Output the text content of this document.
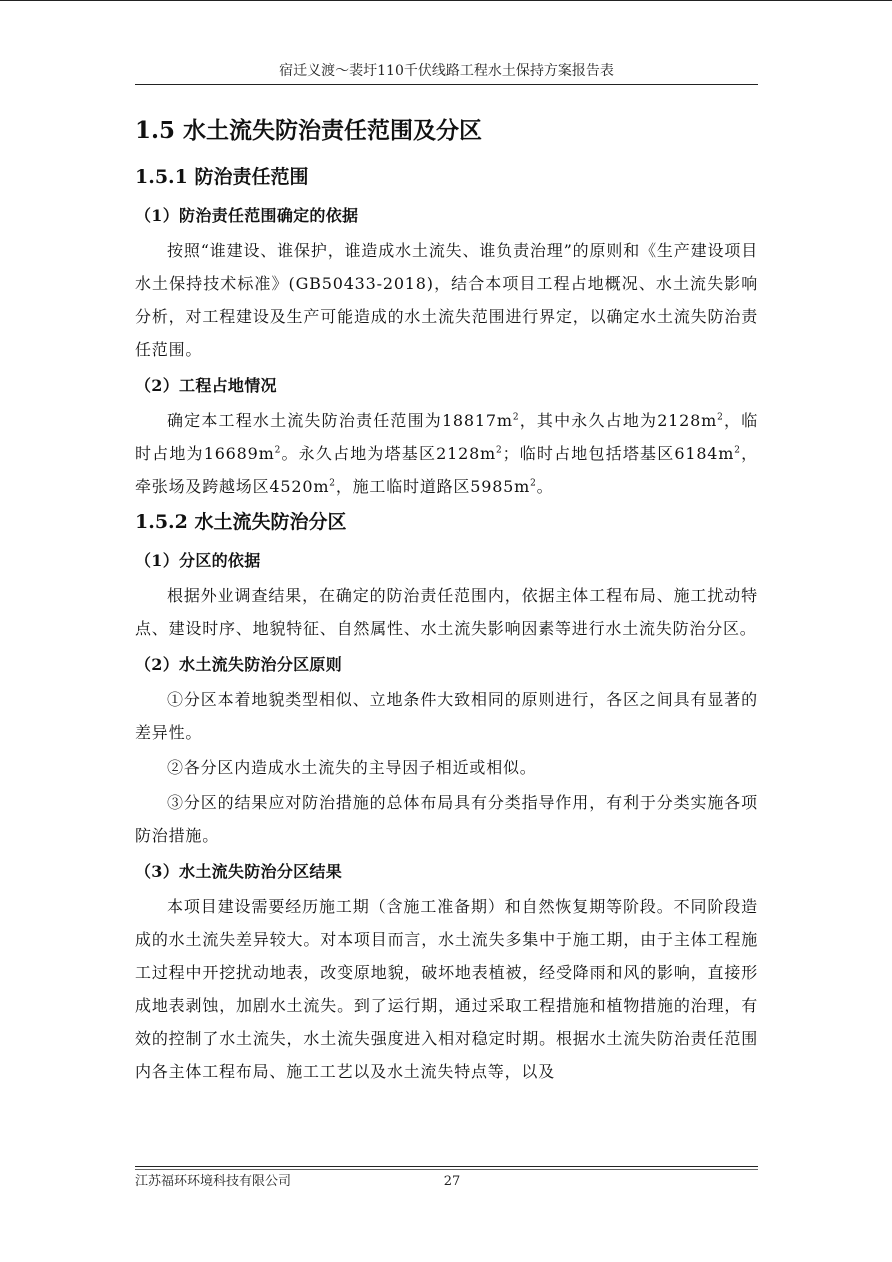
宿迁义渡～裴圩110千伏线路工程水土保持方案报告表
1.5 水土流失防治责任范围及分区
1.5.1 防治责任范围
（1）防治责任范围确定的依据

按照“谁建设、谁保护，谁造成水土流失、谁负责治理”的原则和《生产建设项目水土保持技术标准》(GB50433-2018)，结合本项目工程占地概况、水土流失影响分析，对工程建设及生产可能造成的水土流失范围进行界定，以确定水土流失防治责任范围。

（2）工程占地情况

确定本工程水土流失防治责任范围为$18817m^2$，其中永久占地为$2128m^2$，临时占地为$16689m^2$。永久占地为塔基区$2128m^2$；临时占地包括塔基区$6184m^2$，牵张场及跨越场区$4520m^2$，施工临时道路区$5985m^2$。

1.5.2 水土流失防治分区
（1）分区的依据

根据外业调查结果，在确定的防治责任范围内，依据主体工程布局、施工扰动特点、建设时序、地貌特征、自然属性、水土流失影响因素等进行水土流失防治分区。

（2）水土流失防治分区原则

①分区本着地貌类型相似、立地条件大致相同的原则进行，各区之间具有显著的差异性。

②各分区内造成水土流失的主导因子相近或相似。

③分区的结果应对防治措施的总体布局具有分类指导作用，有利于分类实施各项防治措施。

（3）水土流失防治分区结果

本项目建设需要经历施工期（含施工准备期）和自然恢复期等阶段。不同阶段造成的水土流失差异较大。对本项目而言，水土流失多集中于施工期，由于主体工程施工过程中开挖扰动地表，改变原地貌，破坏地表植被，经受降雨和风的影响，直接形成地表剥蚀，加剧水土流失。到了运行期，通过采取工程措施和植物措施的治理，有效的控制了水土流失，水土流失强度进入相对稳定时期。根据水土流失防治责任范围内各主体工程布局、施工工艺以及水土流失特点等，以及

江苏福环环境科技有限公司	27
